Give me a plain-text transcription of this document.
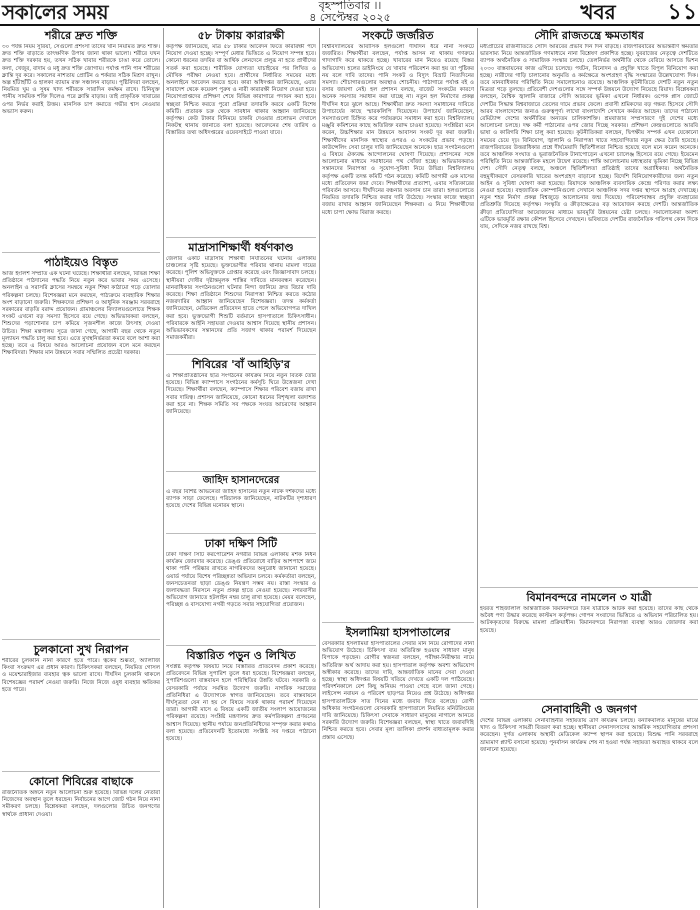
সকালের সময়	বৃহস্পতিবার ।।
৪ সেপ্টেম্বর ২০২৫	খবর	১১
শরীরে দ্রুত শক্তি

৩০ পর্যন্ত নিয়ম সুরিয়া, সেগুলো প্রশংসা তাদের খান নিয়মিত দ্রুত শক্তি। দ্রুত শক্তি বাড়াতে তাৎক্ষণিক উপায় জানা থাকা ভালো। শরীরে যখন দ্রুত শক্তি দরকার হয়, তখন সঠিক খাবার শরীরকে চাঙা করে তোলে। কলা, খেজুর, বাদাম ও মধু দ্রুত শক্তি জোগায়। পর্যাপ্ত পানি পান শরীরের ক্লান্তি দূর করে। সকালের নাশতায় প্রোটিন ও শর্করার সঠিক মিশ্রণ রাখুন। অল্প হাঁটাহাঁটি ও হালকা ব্যায়াম রক্ত সঞ্চালন বাড়ায়। পুষ্টিবিদরা বলছেন, নিয়মিত ঘুম ও সুষম খাদ্য শরীরকে সারাদিন কর্মক্ষম রাখে। চিনিযুক্ত পানীয় সাময়িক শক্তি দিলেও পরে ক্লান্তি বাড়ায়। তাই প্রাকৃতিক খাবারের ওপর নির্ভর করাই উত্তম। মানসিক চাপ কমাতে গভীর শ্বাস নেওয়ার অভ্যাস করুন।

পাঠাইয়েও বিস্তৃত

আজ ইংলিশ সম্প্রতি এক ঘটনা ঘটেছে। শিক্ষার্থীরা বলছেন, বিভিন্ন শিক্ষা প্রতিষ্ঠানে পাঠদানের পদ্ধতি নিয়ে নতুন করে ভাবার সময় এসেছে। অনলাইন ও সরাসরি ক্লাসের সমন্বয়ে নতুন শিক্ষা কাঠামো গড়ে তোলার পরিকল্পনা চলছে। বিশেষজ্ঞরা মনে করছেন, পাঠ্যক্রমে ব্যবহারিক শিক্ষার অংশ বাড়ানো জরুরি। শিক্ষকদের প্রশিক্ষণ ও আধুনিক সরঞ্জাম সরবরাহে সরকারের বাড়তি বরাদ্দ প্রয়োজন। গ্রামাঞ্চলের বিদ্যালয়গুলোতে শিক্ষক সংকট এখনো বড় সমস্যা হিসেবে রয়ে গেছে। অভিভাবকরা বলছেন, শিশুদের পড়াশোনার চাপ কমিয়ে সৃজনশীল কাজে উৎসাহ দেওয়া উচিত। শিক্ষা মন্ত্রণালয় সূত্রে জানা গেছে, আগামী বছর থেকে নতুন মূল্যায়ন পদ্ধতি চালু করা হবে। এতে মুখস্থনির্ভরতা কমবে বলে আশা করা হচ্ছে। তবে এ বিষয়ে আরও আলোচনা প্রয়োজন বলে মনে করছেন শিক্ষাবিদরা। শিক্ষার মান উন্নয়নে সবার সম্মিলিত প্রচেষ্টা দরকার।

চুলকানো সুখ নিরাপন

শরীরের চুলকানি নানা কারণে হতে পারে। ত্বকের শুষ্কতা, অ্যালার্জি কিংবা সংক্রমণ এর প্রধান কারণ। চিকিৎসকরা বলছেন, নিয়মিত গোসল ও ময়েশ্চারাইজার ব্যবহার ত্বক ভালো রাখে। দীর্ঘদিন চুলকানি থাকলে বিশেষজ্ঞের পরামর্শ নেওয়া জরুরি। নিজে নিজে ওষুধ ব্যবহার ক্ষতিকর হতে পারে।

কোনো শিবিরের বাছাকে

রাজনৈতিক অঙ্গনে নতুন আলোচনা শুরু হয়েছে। বিভিন্ন দলের নেতারা নিজেদের অবস্থান তুলে ধরছেন। নির্বাচনের আগে জোট গঠন নিয়ে নানা সমীকরণ চলছে। বিশ্লেষকরা বলছেন, দলগুলোর উচিত জনগণের স্বার্থকে প্রাধান্য দেওয়া।

৫৮ টাকায় কারারক্ষী

কর্তৃপক্ষ জানিয়েছে, মাত্র ৫৮ টাকার আবেদন ফিতে কারারক্ষী পদে নিয়োগ দেওয়া হচ্ছে। সম্পূর্ণ মেধার ভিত্তিতে এ নিয়োগ সম্পন্ন হবে। কোনো ধরনের তদবির বা আর্থিক লেনদেনে প্রলুব্ধ না হতে প্রার্থীদের সতর্ক করা হয়েছে। শারীরিক যোগ্যতা যাচাইয়ের পর লিখিত ও মৌখিক পরীক্ষা নেওয়া হবে। প্রার্থীদের নির্ধারিত সময়ের মধ্যে অনলাইনে আবেদন করতে হবে। কারা অধিদপ্তর জানিয়েছে, এবার সারাদেশ থেকে কয়েকশ পুরুষ ও নারী কারারক্ষী নিয়োগ দেওয়া হবে। নিয়োগপ্রাপ্তদের প্রশিক্ষণ শেষে বিভিন্ন কারাগারে পদায়ন করা হবে। স্বচ্ছতা নিশ্চিত করতে পুরো প্রক্রিয়া তদারকি করবে একটি বিশেষ কমিটি। প্রতারক চক্র থেকে সাবধান থাকার আহ্বান জানিয়েছে কর্তৃপক্ষ। কেউ টাকার বিনিময়ে চাকরি দেওয়ার প্রলোভন দেখালে নিকটস্থ থানায় জানাতে বলা হয়েছে। আবেদনের শেষ তারিখ ও বিস্তারিত তথ্য অধিদপ্তরের ওয়েবসাইটে পাওয়া যাবে।

মাদ্রাসাশিক্ষার্থী ধর্ষণকাণ্ড

জেলার একটি মাদ্রাসায় শিক্ষার্থী নির্যাতনের ঘটনায় এলাকায় চাঞ্চল্যের সৃষ্টি হয়েছে। ভুক্তভোগীর পরিবার থানায় মামলা দায়ের করেছে। পুলিশ অভিযুক্তকে গ্রেপ্তার করেছে এবং জিজ্ঞাসাবাদ চলছে। স্থানীয়রা দোষীর দৃষ্টান্তমূলক শাস্তির দাবিতে মানববন্ধন করেছেন। মানবাধিকার সংগঠনগুলো ঘটনার নিন্দা জানিয়ে দ্রুত বিচার দাবি করেছে। শিক্ষা প্রতিষ্ঠানে শিশুদের নিরাপত্তা নিশ্চিত করতে কঠোর নজরদারির আহ্বান জানিয়েছেন বিশেষজ্ঞরা। তদন্ত কর্মকর্তা জানিয়েছেন, মেডিকেল প্রতিবেদন হাতে পেলে অভিযোগপত্র দাখিল করা হবে। ভুক্তভোগী শিশুটি বর্তমানে হাসপাতালে চিকিৎসাধীন। পরিবারকে আইনি সহায়তা দেওয়ার আশ্বাস দিয়েছে স্থানীয় প্রশাসন। অভিভাবকদের সন্তানদের প্রতি সজাগ থাকার পরামর্শ দিয়েছেন সমাজকর্মীরা।

শিবিরের 'বাঁ আহিড়ি'র

এ শিক্ষাপ্রতিষ্ঠানের ছাত্র সংগঠনের কার্যক্রম নিয়ে নতুন বিতর্ক তৈরি হয়েছে। বিভিন্ন ক্যাম্পাসে সংগঠনের কর্মসূচি ঘিরে উত্তেজনা দেখা দিয়েছে। শিক্ষার্থীরা বলছেন, ক্যাম্পাসে শিক্ষার পরিবেশ বজায় রাখা সবার দায়িত্ব। প্রশাসন জানিয়েছে, কোনো ধরনের বিশৃঙ্খলা বরদাশত করা হবে না। শিক্ষক সমিতি সব পক্ষকে সংযত আচরণের আহ্বান জানিয়েছে।

জাহিদ হাসানদেরের

এ বছর বিশিষ্ট অভিনেতা জাহিদ হাসানের নতুন নাটক দর্শকদের মধ্যে ব্যাপক সাড়া ফেলেছে। পরিচালক জানিয়েছেন, নাটকটির দৃশ্যধারণ হয়েছে দেশের বিভিন্ন মনোরম স্থানে।

ঢাকা দক্ষিণ সিটি

ঢাকা দক্ষিণ সিটি করপোরেশন নগরীর বিভিন্ন এলাকায় মশক নিধন কার্যক্রম জোরদার করেছে। ডেঙ্গু প্রতিরোধে বাড়ির আশপাশে জমে থাকা পানি পরিষ্কার রাখতে নাগরিকদের অনুরোধ জানানো হয়েছে। ওয়ার্ড পর্যায়ে বিশেষ পরিচ্ছন্নতা অভিযান চলবে। কর্মকর্তারা বলছেন, জনসচেতনতা ছাড়া ডেঙ্গু নিয়ন্ত্রণ সম্ভব নয়। রাস্তা সংস্কার ও জলাবদ্ধতা নিরসনে নতুন প্রকল্প হাতে নেওয়া হয়েছে। নগরবাসীর অভিযোগ জানাতে হটলাইন নম্বর চালু রাখা হয়েছে। মেয়র বলেছেন, পরিচ্ছন্ন ও বাসযোগ্য নগরী গড়তে সবার সহযোগিতা প্রয়োজন।

বিস্তারিত পড়ুন ও লিখিত

সংশ্লিষ্ট কর্তৃপক্ষ বিষয়টি নিয়ে বিস্তারিত প্রতিবেদন প্রকাশ করেছে। প্রতিবেদনে বিভিন্ন সুপারিশ তুলে ধরা হয়েছে। বিশেষজ্ঞরা বলছেন, সুপারিশগুলো বাস্তবায়ন হলে পরিস্থিতির উন্নতি ঘটবে। সরকারি ও বেসরকারি পর্যায়ে সমন্বিত উদ্যোগ জরুরি। নাগরিক সমাজের প্রতিনিধিরা এ উদ্যোগকে স্বাগত জানিয়েছেন। তবে বাস্তবায়নে দীর্ঘসূত্রতা যেন না হয় সে বিষয়ে সতর্ক থাকার পরামর্শ দিয়েছেন তারা। আগামী মাসে এ বিষয়ে একটি জাতীয় সংলাপ আয়োজনের পরিকল্পনা রয়েছে। সংশ্লিষ্ট মন্ত্রণালয় দ্রুত কর্মপরিকল্পনা প্রণয়নের আশ্বাস দিয়েছে। স্থানীয় পর্যায়ে জনপ্রতিনিধিদের সম্পৃক্ত করার কথাও বলা হয়েছে। প্রতিবেদনটি ইতোমধ্যে সংশ্লিষ্ট সব দপ্তরে পাঠানো হয়েছে।

সংকটে জর্জরিত

বিশ্ববিদ্যালয়ের আবাসিক হলগুলো দীর্ঘদিন ধরে নানা সংকটে জর্জরিত। শিক্ষার্থীরা বলছেন, পর্যাপ্ত আসন না থাকায় গণরুমে গাদাগাদি করে থাকতে হচ্ছে। খাবারের মান নিয়েও রয়েছে বিস্তর অভিযোগ। হলের ডাইনিংয়ে যে খাবার পরিবেশন করা হয় তা পুষ্টিকর নয় বলে দাবি তাদের। পানি সংকট ও বিদ্যুৎ বিভ্রাট নিত্যদিনের সমস্যা। শৌচাগারগুলোর অবস্থাও শোচনীয়। পাঠাগারে পর্যাপ্ত বই ও বসার জায়গা নেই। হল প্রশাসন বলছে, বাজেট সংকটের কারণে অনেক সমস্যার সমাধান করা যাচ্ছে না। নতুন হল নির্মাণের প্রকল্প দীর্ঘদিন ধরে ঝুলে আছে। শিক্ষার্থীরা দ্রুত সমস্যা সমাধানের দাবিতে উপাচার্যের কাছে স্মারকলিপি দিয়েছেন। উপাচার্য জানিয়েছেন, সমস্যাগুলো চিহ্নিত করে পর্যায়ক্রমে সমাধান করা হবে। বিশ্ববিদ্যালয় মঞ্জুরি কমিশনের কাছে অতিরিক্ত বরাদ্দ চাওয়া হয়েছে। সংশ্লিষ্টরা মনে করেন, উচ্চশিক্ষার মান উন্নয়নে আবাসন সংকট দূর করা জরুরি। শিক্ষার্থীদের মানসিক স্বাস্থ্যের ওপরও এ সংকটের প্রভাব পড়ছে। কাউন্সেলিং সেবা চালুর দাবি জানিয়েছেন অনেকে। ছাত্র সংগঠনগুলো এ বিষয়ে ঐক্যবদ্ধ আন্দোলনের ঘোষণা দিয়েছে। প্রশাসনের সঙ্গে আলোচনার মাধ্যমে সমাধানের পথ খোঁজা হচ্ছে। অভিভাবকরাও সন্তানদের নিরাপত্তা ও সুযোগ-সুবিধা নিয়ে উদ্বিগ্ন। বিশ্ববিদ্যালয় কর্তৃপক্ষ একটি তদন্ত কমিটি গঠন করেছে। কমিটি আগামী এক মাসের মধ্যে প্রতিবেদন জমা দেবে। শিক্ষার্থীদের প্রত্যাশা, এবার সত্যিকারের পরিবর্তন আসবে। দীর্ঘদিনের বঞ্চনার অবসান চান তারা। হলগুলোতে নিয়মিত তদারকি নিশ্চিত করার দাবি উঠেছে। সংস্কার কাজে স্বচ্ছতা বজায় রাখার আহ্বান জানিয়েছেন শিক্ষকরা। এ নিয়ে শিক্ষার্থীদের মধ্যে চাপা ক্ষোভ বিরাজ করছে।

ইসলামিয়া হাসপাতালের

বেসরকারি ইসলামিয়া হাসপাতালের সেবার মান নিয়ে রোগীদের নানা অভিযোগ উঠেছে। চিকিৎসা ব্যয় অতিরিক্ত হওয়ায় সাধারণ মানুষ বিপাকে পড়ছেন। রোগীর স্বজনরা বলছেন, পরীক্ষা-নিরীক্ষার নামে অতিরিক্ত অর্থ আদায় করা হয়। হাসপাতাল কর্তৃপক্ষ অবশ্য অভিযোগ অস্বীকার করেছে। তাদের দাবি, আন্তর্জাতিক মানের সেবা দেওয়া হচ্ছে। স্বাস্থ্য অধিদপ্তর বিষয়টি খতিয়ে দেখতে একটি দল পাঠিয়েছে। পরিদর্শনকালে বেশ কিছু অনিয়ম পাওয়া গেছে বলে জানা গেছে। লাইসেন্স নবায়ন ও পরিবেশ ছাড়পত্র নিয়েও প্রশ্ন উঠেছে। অধিদপ্তর হাসপাতালটিকে সাত দিনের মধ্যে জবাব দিতে বলেছে। রোগী অধিকার সংগঠনগুলো বেসরকারি হাসপাতালে নিয়মিত মনিটরিংয়ের দাবি জানিয়েছে। চিকিৎসা সেবাকে সাধারণ মানুষের নাগালে আনতে সরকারি উদ্যোগ জরুরি। বিশেষজ্ঞরা বলছেন, স্বাস্থ্য খাতে জবাবদিহি নিশ্চিত করতে হবে। সেবার মূল্য তালিকা প্রদর্শন বাধ্যতামূলক করার প্রস্তাব এসেছে।

সৌদি রাজতন্ত্রে ক্ষমতাধর

মধ্যপ্রাচ্যের রাজনীতিতে সৌদি আরবের প্রভাব দিন দিন বাড়ছে। রাজপরিবারের অভ্যন্তরীণ ক্ষমতার ভারসাম্য নিয়ে আন্তর্জাতিক গণমাধ্যমে নানা বিশ্লেষণ প্রকাশিত হচ্ছে। যুবরাজের নেতৃত্বে দেশটিতে ব্যাপক অর্থনৈতিক ও সামাজিক সংস্কার চলছে। তেলনির্ভর অর্থনীতি থেকে বেরিয়ে আসতে ভিশন ২০৩০ বাস্তবায়নের কাজ এগিয়ে চলেছে। পর্যটন, বিনোদন ও প্রযুক্তি খাতে বিপুল বিনিয়োগ করা হচ্ছে। নারীদের গাড়ি চালানোর অনুমতি ও কর্মক্ষেত্রে অংশগ্রহণ বৃদ্ধি সংস্কারের উল্লেখযোগ্য দিক। তবে মানবাধিকার পরিস্থিতি নিয়ে সমালোচনাও রয়েছে। আঞ্চলিক কূটনীতিতে দেশটি নতুন নতুন মিত্রতা গড়ে তুলছে। প্রতিবেশী দেশগুলোর সঙ্গে সম্পর্ক উন্নয়নে উদ্যোগ নিয়েছে রিয়াদ। বিশ্লেষকরা বলছেন, বৈশ্বিক জ্বালানি বাজারে সৌদি আরবের ভূমিকা এখনো নির্ধারক। ওপেক প্লাস জোটে দেশটির সিদ্ধান্ত বিশ্ববাজারে তেলের দামে প্রভাব ফেলে। প্রবাসী শ্রমিকদের বড় গন্তব্য হিসেবে সৌদি আরব বাংলাদেশের জন্যও গুরুত্বপূর্ণ। লাখো বাংলাদেশি সেখানে কর্মরত আছেন। তাদের পাঠানো রেমিট্যান্স দেশের অর্থনীতির অন্যতম চালিকাশক্তি। শ্রমবাজার সম্প্রসারণে দুই দেশের মধ্যে আলোচনা চলছে। দক্ষ কর্মী পাঠানোর ওপর জোর দিচ্ছে সরকার। প্রশিক্ষণ কেন্দ্রগুলোতে আরবি ভাষা ও কারিগরি শিক্ষা চালু করা হয়েছে। কূটনীতিকরা বলছেন, দ্বিপক্ষীয় সম্পর্ক এখন যেকোনো সময়ের চেয়ে দৃঢ়। বিনিয়োগ, জ্বালানি ও নিরাপত্তা খাতে সহযোগিতার নতুন ক্ষেত্র তৈরি হয়েছে। রাজপরিবারের উত্তরাধিকার প্রশ্নে দীর্ঘমেয়াদি স্থিতিশীলতা নিশ্চিত হয়েছে বলে মনে করেন অনেকে। তবে আঞ্চলিক সংঘাত ও ভূরাজনৈতিক টানাপোড়েন এখনো চ্যালেঞ্জ হিসেবে রয়ে গেছে। ইয়েমেন পরিস্থিতি নিয়ে আন্তর্জাতিক মহলে উদ্বেগ রয়েছে। শান্তি আলোচনায় মধ্যস্থতার ভূমিকা নিচ্ছে বিভিন্ন দেশ। সৌদি নেতৃত্ব বলছে, অঞ্চলে স্থিতিশীলতা প্রতিষ্ঠাই তাদের অগ্রাধিকার। অর্থনৈতিক বহুমুখীকরণে বেসরকারি খাতের অংশগ্রহণ বাড়ানো হচ্ছে। বিদেশি বিনিয়োগকারীদের জন্য নতুন আইন ও সুবিধা ঘোষণা করা হয়েছে। রিয়াদকে আঞ্চলিক ব্যবসায়িক কেন্দ্রে পরিণত করার লক্ষ্য নেওয়া হয়েছে। বহুজাতিক কোম্পানিগুলো সেখানে আঞ্চলিক সদর দপ্তর স্থাপনে আগ্রহ দেখাচ্ছে। নতুন শহর নির্মাণ প্রকল্প বিশ্বজুড়ে আলোচনার জন্ম দিয়েছে। পরিবেশবান্ধব প্রযুক্তি ব্যবহারের প্রতিশ্রুতি দিয়েছে কর্তৃপক্ষ। সংস্কৃতি ও ক্রীড়াক্ষেত্রেও বড় আয়োজন করছে দেশটি। আন্তর্জাতিক ক্রীড়া প্রতিযোগিতা আয়োজনের মাধ্যমে ভাবমূর্তি উন্নয়নের চেষ্টা চলছে। সমালোচকরা অবশ্য এটিকে ভাবমূর্তি রক্ষার কৌশল হিসেবে দেখছেন। ভবিষ্যতে দেশটির রাজনৈতিক গতিপথ কোন দিকে যায়, সেদিকে নজর রাখছে বিশ্ব।

বিমানবন্দরে নামলেন ৩ যাত্রী

হযরত শাহজালাল আন্তর্জাতিক বিমানবন্দরে তিন যাত্রীকে আটক করা হয়েছে। তাদের কাছ থেকে অবৈধ পণ্য উদ্ধার করেছে কাস্টমস কর্তৃপক্ষ। গোপন সংবাদের ভিত্তিতে এ অভিযান পরিচালিত হয়। আটককৃতদের বিরুদ্ধে মামলা প্রক্রিয়াধীন। বিমানবন্দরে নিরাপত্তা ব্যবস্থা আরও জোরদার করা হয়েছে।

সেনাবাহিনী ও জনগণ

দেশের বিভিন্ন এলাকায় সেনাবাহিনীর সহায়তায় ত্রাণ কার্যক্রম চলছে। বন্যাকবলিত মানুষের মাঝে খাদ্য ও চিকিৎসা সামগ্রী বিতরণ করা হচ্ছে। স্থানীয়রা সেনাসদস্যদের আন্তরিক সহযোগিতার প্রশংসা করেছেন। দুর্গত এলাকায় অস্থায়ী মেডিকেল ক্যাম্প স্থাপন করা হয়েছে। বিশুদ্ধ পানি সরবরাহে ভ্রাম্যমাণ প্ল্যান্ট বসানো হয়েছে। পুনর্বাসন কার্যক্রম শেষ না হওয়া পর্যন্ত সহায়তা অব্যাহত থাকবে বলে জানানো হয়েছে।
